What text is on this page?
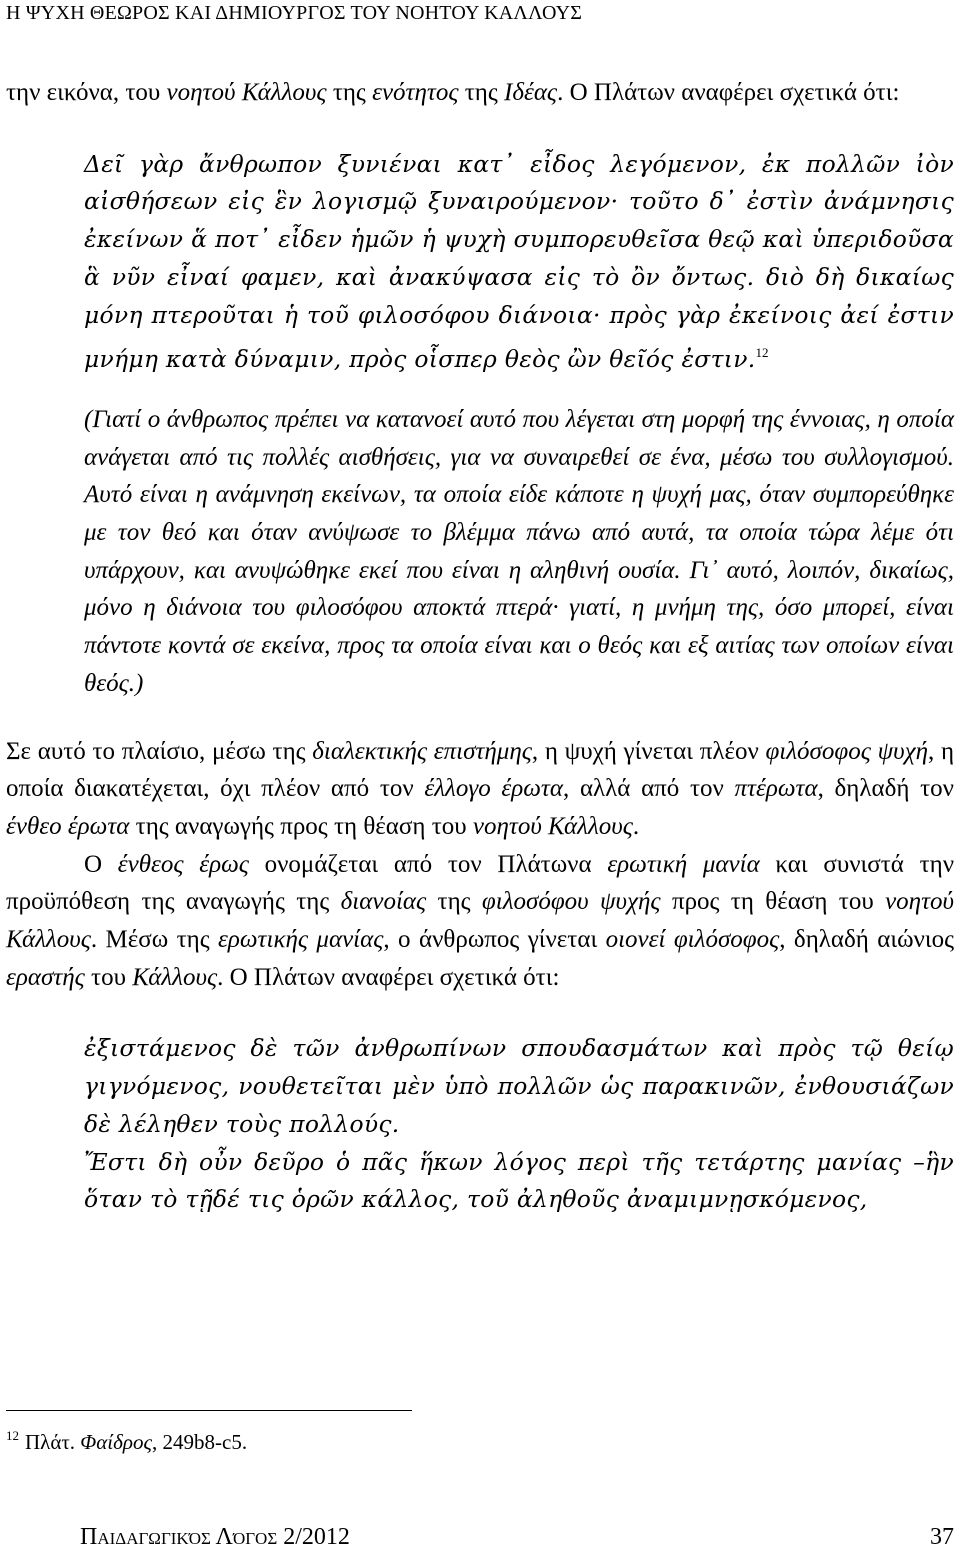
Η ΨΥΧΗ ΘΕΩΡΟΣ ΚΑΙ ΔΗΜΙΟΥΡΓΟΣ ΤΟΥ ΝΟΗΤΟΥ ΚΑΛΛΟΥΣ

την εικόνα, του νοητού Κάλλους της ενότητος της Ιδέας. Ο Πλάτων αναφέρει σχετικά ότι:

Δεῖ γὰρ ἄνθρωπον ξυνιέναι κατ᾽ εἶδος λεγόμενον, ἐκ πολλῶν ἰὸν αἰσθήσεων εἰς ἓν λογισμῷ ξυναιρούμενον· τοῦτο δ᾽ ἐστὶν ἀνάμνησις ἐκείνων ἅ ποτ᾽ εἶδεν ἡμῶν ἡ ψυχὴ συμπορευθεῖσα θεῷ καὶ ὑπεριδοῦσα ἃ νῦν εἶναί φαμεν, καὶ ἀνακύψασα εἰς τὸ ὂν ὄντως. διὸ δὴ δικαίως μόνη πτεροῦται ἡ τοῦ φιλοσόφου διάνοια· πρὸς γὰρ ἐκείνοις ἀεί ἐστιν μνήμη κατὰ δύναμιν, πρὸς οἷσπερ θεὸς ὢν θεῖός ἐστιν.$^{12}$

(Γιατί ο άνθρωπος πρέπει να κατανοεί αυτό που λέγεται στη μορφή της έννοιας, η οποία ανάγεται από τις πολλές αισθήσεις, για να συναιρεθεί σε ένα, μέσω του συλλογισμού. Αυτό είναι η ανάμνηση εκείνων, τα οποία είδε κάποτε η ψυχή μας, όταν συμπορεύθηκε με τον θεό και όταν ανύψωσε το βλέμμα πάνω από αυτά, τα οποία τώρα λέμε ότι υπάρχουν, και ανυψώθηκε εκεί που είναι η αληθινή ουσία. Γι᾽ αυτό, λοιπόν, δικαίως, μόνο η διάνοια του φιλοσόφου αποκτά πτερά· γιατί, η μνήμη της, όσο μπορεί, είναι πάντοτε κοντά σε εκείνα, προς τα οποία είναι και ο θεός και εξ αιτίας των οποίων είναι θεός.)

Σε αυτό το πλαίσιο, μέσω της διαλεκτικής επιστήμης, η ψυχή γίνεται πλέον φιλόσοφος ψυχή, η οποία διακατέχεται, όχι πλέον από τον έλλογο έρωτα, αλλά από τον πτέρωτα, δηλαδή τον ένθεο έρωτα της αναγωγής προς τη θέαση του νοητού Κάλλους.

Ο ένθεος έρως ονομάζεται από τον Πλάτωνα ερωτική μανία και συνιστά την προϋπόθεση της αναγωγής της διανοίας της φιλοσόφου ψυχής προς τη θέαση του νοητού Κάλλους. Μέσω της ερωτικής μανίας, ο άνθρωπος γίνεται οιονεί φιλόσοφος, δηλαδή αιώνιος εραστής του Κάλλους. Ο Πλάτων αναφέρει σχετικά ότι:

ἐξιστάμενος δὲ τῶν ἀνθρωπίνων σπουδασμάτων καὶ πρὸς τῷ θείῳ γιγνόμενος, νουθετεῖται μὲν ὑπὸ πολλῶν ὡς παρακινῶν, ἐνθουσιάζων δὲ λέληθεν τοὺς πολλούς.

Ἔστι δὴ οὖν δεῦρο ὁ πᾶς ἥκων λόγος περὶ τῆς τετάρτης μανίας –ἣν ὅταν τὸ τῇδέ τις ὁρῶν κάλλος, τοῦ ἀληθοῦς ἀναμιμνῃσκόμενος,

$^{12}$ Πλάτ. Φαίδρος, 249b8-c5.
Παιδαγωγικός Λόγος 2/2012	37
